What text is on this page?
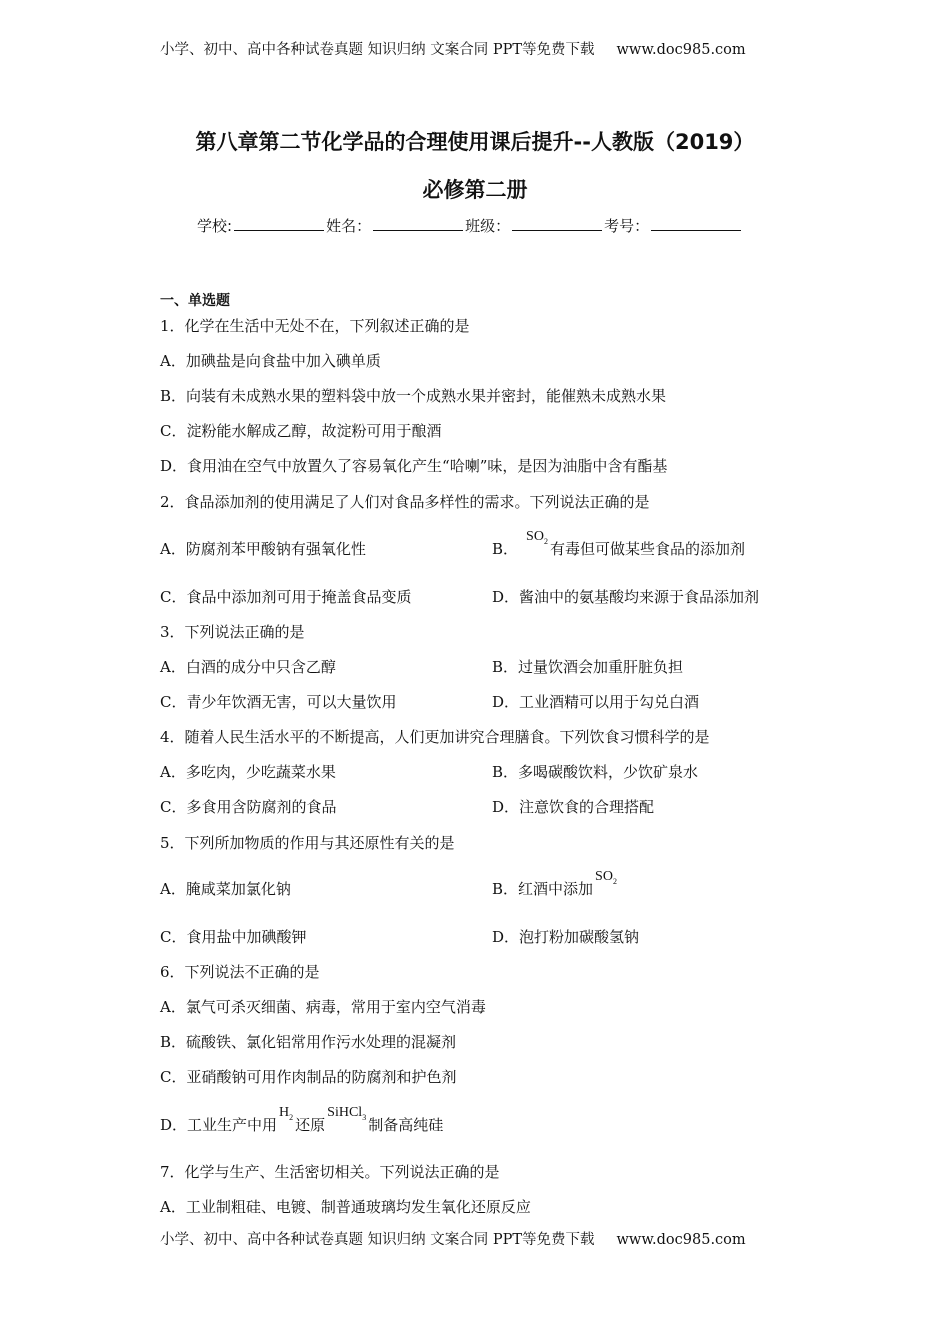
小学、初中、高中各种试卷真题 知识归纳 文案合同 PPT等免费下载 www.doc985.com
第八章第二节化学品的合理使用课后提升--人教版（2019）
必修第二册
学校:	姓名：	班级：	考号：
一、单选题
1．化学在生活中无处不在，下列叙述正确的是
A．加碘盐是向食盐中加入碘单质
B．向装有未成熟水果的塑料袋中放一个成熟水果并密封，能催熟未成熟水果
C．淀粉能水解成乙醇，故淀粉可用于酿酒
D．食用油在空气中放置久了容易氧化产生“哈喇”味，是因为油脂中含有酯基
2．食品添加剂的使用满足了人们对食品多样性的需求。下列说法正确的是
A．防腐剂苯甲酸钠有强氧化性	B．$SO_2$ 有毒但可做某些食品的添加剂
C．食品中添加剂可用于掩盖食品变质	D．酱油中的氨基酸均来源于食品添加剂
3．下列说法正确的是
A．白酒的成分中只含乙醇	B．过量饮酒会加重肝脏负担
C．青少年饮酒无害，可以大量饮用	D．工业酒精可以用于勾兑白酒
4．随着人民生活水平的不断提高，人们更加讲究合理膳食。下列饮食习惯科学的是
A．多吃肉，少吃蔬菜水果	B．多喝碳酸饮料，少饮矿泉水
C．多食用含防腐剂的食品	D．注意饮食的合理搭配
5．下列所加物质的作用与其还原性有关的是
A．腌咸菜加氯化钠	B．红酒中添加$SO_2$
C．食用盐中加碘酸钾	D．泡打粉加碳酸氢钠
6．下列说法不正确的是
A．氯气可杀灭细菌、病毒，常用于室内空气消毒
B．硫酸铁、氯化铝常用作污水处理的混凝剂
C．亚硝酸钠可用作肉制品的防腐剂和护色剂
D．工业生产中用$H_2$ 还原SiHCl$_3$ 制备高纯硅
7．化学与生产、生活密切相关。下列说法正确的是
A．工业制粗硅、电镀、制普通玻璃均发生氧化还原反应
小学、初中、高中各种试卷真题 知识归纳 文案合同 PPT等免费下载 www.doc985.com
